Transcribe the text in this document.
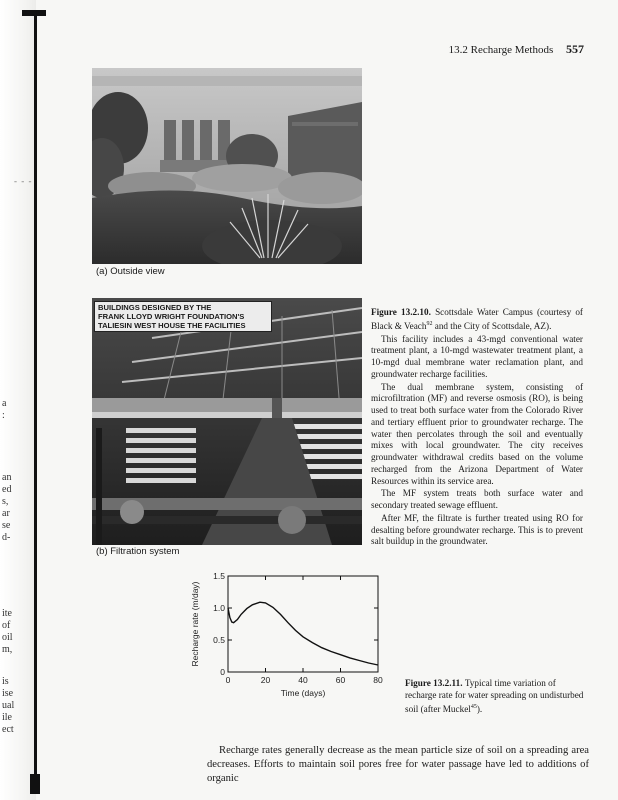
- - -
a
:
an
ed
s,
ar
se
d-
ite
of
oil
m,
is
ise
ual
ile
ect
13.2 Recharge Methods 557
(a) Outside view
BUILDINGS DESIGNED BY THE
FRANK LLOYD WRIGHT FOUNDATION'S
TALIESIN WEST HOUSE THE FACILITIES
(b) Filtration system

Figure 13.2.10. Scottsdale Water Campus (courtesy of Black & Veach$^{92}$ and the City of Scottsdale, AZ).

This facility includes a 43-mgd conventional water treatment plant, a 10-mgd wastewater treatment plant, a 10-mgd dual membrane water reclamation plant, and groundwater recharge facilities.

The dual membrane system, consisting of microfiltration (MF) and reverse osmosis (RO), is being used to treat both surface water from the Colorado River and tertiary effluent prior to groundwater recharge. The water then percolates through the soil and eventually mixes with local groundwater. The city receives groundwater withdrawal credits based on the volume recharged from the Arizona Department of Water Resources within its service area.

The MF system treats both surface water and secondary treated sewage effluent.

After MF, the filtrate is further treated using RO for desalting before groundwater recharge. This is to prevent salt buildup in the groundwater.

0	20	40	60	80
0
0.5
1.0
1.5
Time (days)
Recharge rate (m/day)
Figure 13.2.11. Typical time variation of recharge rate for water spreading on undisturbed soil (after Muckel$^{45}$).

Recharge rates generally decrease as the mean particle size of soil on a spreading area decreases. Efforts to maintain soil pores free for water passage have led to additions of organic
